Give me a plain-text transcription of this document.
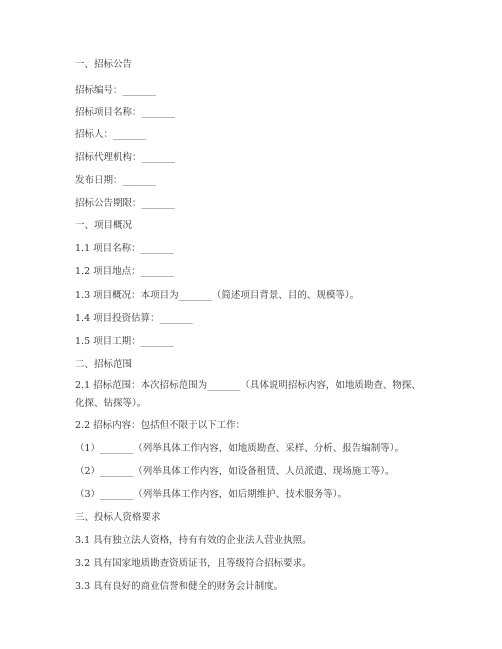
一、招标公告
招标编号：_______
招标项目名称：_______
招标人：_______
招标代理机构：_______
发布日期：_______
招标公告期限：_______
一、项目概况
1.1 项目名称：_______
1.2 项目地点：_______
1.3 项目概况：本项目为_______（简述项目背景、目的、规模等）。
1.4 项目投资估算：_______
1.5 项目工期：_______
二、招标范围
2.1 招标范围：本次招标范围为_______（具体说明招标内容，如地质勘查、物探、化探、钻探等）。
2.2 招标内容：包括但不限于以下工作：
（1）_______（列举具体工作内容，如地质勘查、采样、分析、报告编制等）。
（2）_______（列举具体工作内容，如设备租赁、人员派遣、现场施工等）。
（3）_______（列举具体工作内容，如后期维护、技术服务等）。
三、投标人资格要求
3.1 具有独立法人资格，持有有效的企业法人营业执照。
3.2 具有国家地质勘查资质证书，且等级符合招标要求。
3.3 具有良好的商业信誉和健全的财务会计制度。
